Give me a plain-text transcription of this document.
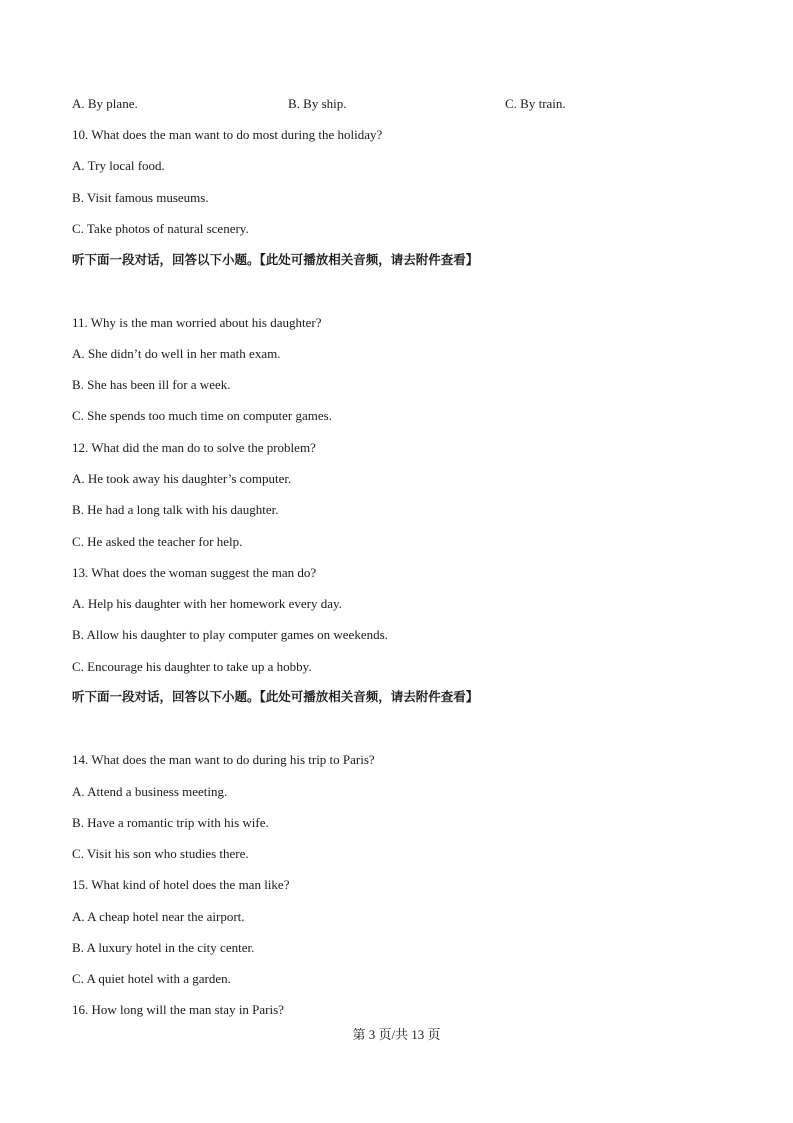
A. By plane.	B. By ship.	C. By train.
10. What does the man want to do most during the holiday?
A. Try local food.
B. Visit famous museums.
C. Take photos of natural scenery.
听下面一段对话，回答以下小题。【此处可播放相关音频，请去附件查看】
11. Why is the man worried about his daughter?
A. She didn’t do well in her math exam.
B. She has been ill for a week.
C. She spends too much time on computer games.
12. What did the man do to solve the problem?
A. He took away his daughter’s computer.
B. He had a long talk with his daughter.
C. He asked the teacher for help.
13. What does the woman suggest the man do?
A. Help his daughter with her homework every day.
B. Allow his daughter to play computer games on weekends.
C. Encourage his daughter to take up a hobby.
听下面一段对话，回答以下小题。【此处可播放相关音频，请去附件查看】
14. What does the man want to do during his trip to Paris?
A. Attend a business meeting.
B. Have a romantic trip with his wife.
C. Visit his son who studies there.
15. What kind of hotel does the man like?
A. A cheap hotel near the airport.
B. A luxury hotel in the city center.
C. A quiet hotel with a garden.
16. How long will the man stay in Paris?
第 3 页/共 13 页
